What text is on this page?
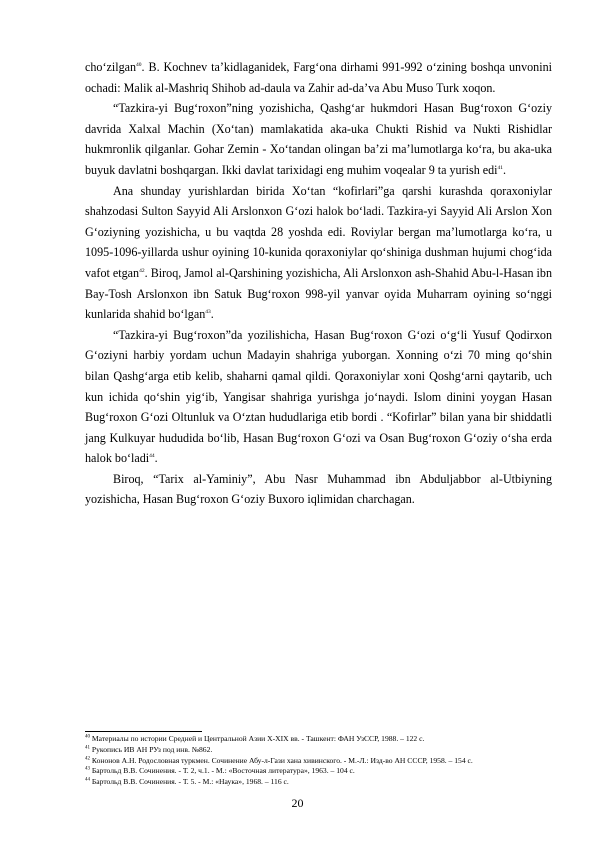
cho‘zilgan$^{40}$. B. Kochnev ta’kidlaganidek, Farg‘ona dirhami 991-992 o‘zining boshqa unvonini ochadi: Malik al-Mashriq Shihob ad-daula va Zahir ad-da’va Abu Muso Turk xoqon.

“Tazkira-yi Bug‘roxon”ning yozishicha, Qashg‘ar hukmdori Hasan Bug‘roxon G‘oziy davrida Xalxal Machin (Xo‘tan) mamlakatida aka-uka Chukti Rishid va Nukti Rishidlar hukmronlik qilganlar. Gohar Zemin - Xo‘tandan olingan ba’zi ma’lumotlarga ko‘ra, bu aka-uka buyuk davlatni boshqargan. Ikki davlat tarixidagi eng muhim voqealar 9 ta yurish edi$^{41}$.

Ana shunday yurishlardan birida Xo‘tan “kofirlari”ga qarshi kurashda qoraxoniylar shahzodasi Sulton Sayyid Ali Arslonxon G‘ozi halok bo‘ladi. Tazkira-yi Sayyid Ali Arslon Xon G‘oziyning yozishicha, u bu vaqtda 28 yoshda edi. Roviylar bergan ma’lumotlarga ko‘ra, u 1095-1096-yillarda ushur oyining 10-kunida qoraxoniylar qo‘shiniga dushman hujumi chog‘ida vafot etgan$^{42}$. Biroq, Jamol al-Qarshining yozishicha, Ali Arslonxon ash-Shahid Abu-l-Hasan ibn Bay-Tosh Arslonxon ibn Satuk Bug‘roxon 998-yil yanvar oyida Muharram oyining so‘nggi kunlarida shahid bo‘lgan$^{43}$.

“Tazkira-yi Bug‘roxon”da yozilishicha, Hasan Bug‘roxon G‘ozi o‘g‘li Yusuf Qodirxon G‘oziyni harbiy yordam uchun Madayin shahriga yuborgan. Xonning o‘zi 70 ming qo‘shin bilan Qashg‘arga etib kelib, shaharni qamal qildi. Qoraxoniylar xoni Qoshg‘arni qaytarib, uch kun ichida qo‘shin yig‘ib, Yangisar shahriga yurishga jo‘naydi. Islom dinini yoygan Hasan Bug‘roxon G‘ozi Oltunluk va O‘ztan hududlariga etib bordi . “Kofirlar” bilan yana bir shiddatli jang Kulkuyar hududida bo‘lib, Hasan Bug‘roxon G‘ozi va Osan Bug‘roxon G‘oziy o‘sha erda halok bo‘ladi$^{44}$.

Biroq, “Tarix al-Yaminiy”, Abu Nasr Muhammad ibn Abduljabbor al-Utbiyning yozishicha, Hasan Bug‘roxon G‘oziy Buxoro iqlimidan charchagan.

$^{40}$ Материалы по истории Средней и Центральной Азии X-XIX вв. - Ташкент: ФАН УзССР, 1988. – 122 с.
$^{41}$ Рукопись ИВ АН РУз под инв. №862.
$^{42}$ Кононов А.Н. Родословная туркмен. Сочинение Абу-л-Гази хана хивинского. - М.-Л.: Изд-во АН СССР, 1958. – 154 с.
$^{43}$ Бартольд В.В. Сочинения. - Т. 2, ч.1. - М.: «Восточная литература», 1963. – 104 с.
$^{44}$ Бартольд В.В. Сочинения. - Т. 5. - М.: «Наука», 1968. – 116 с.
20
